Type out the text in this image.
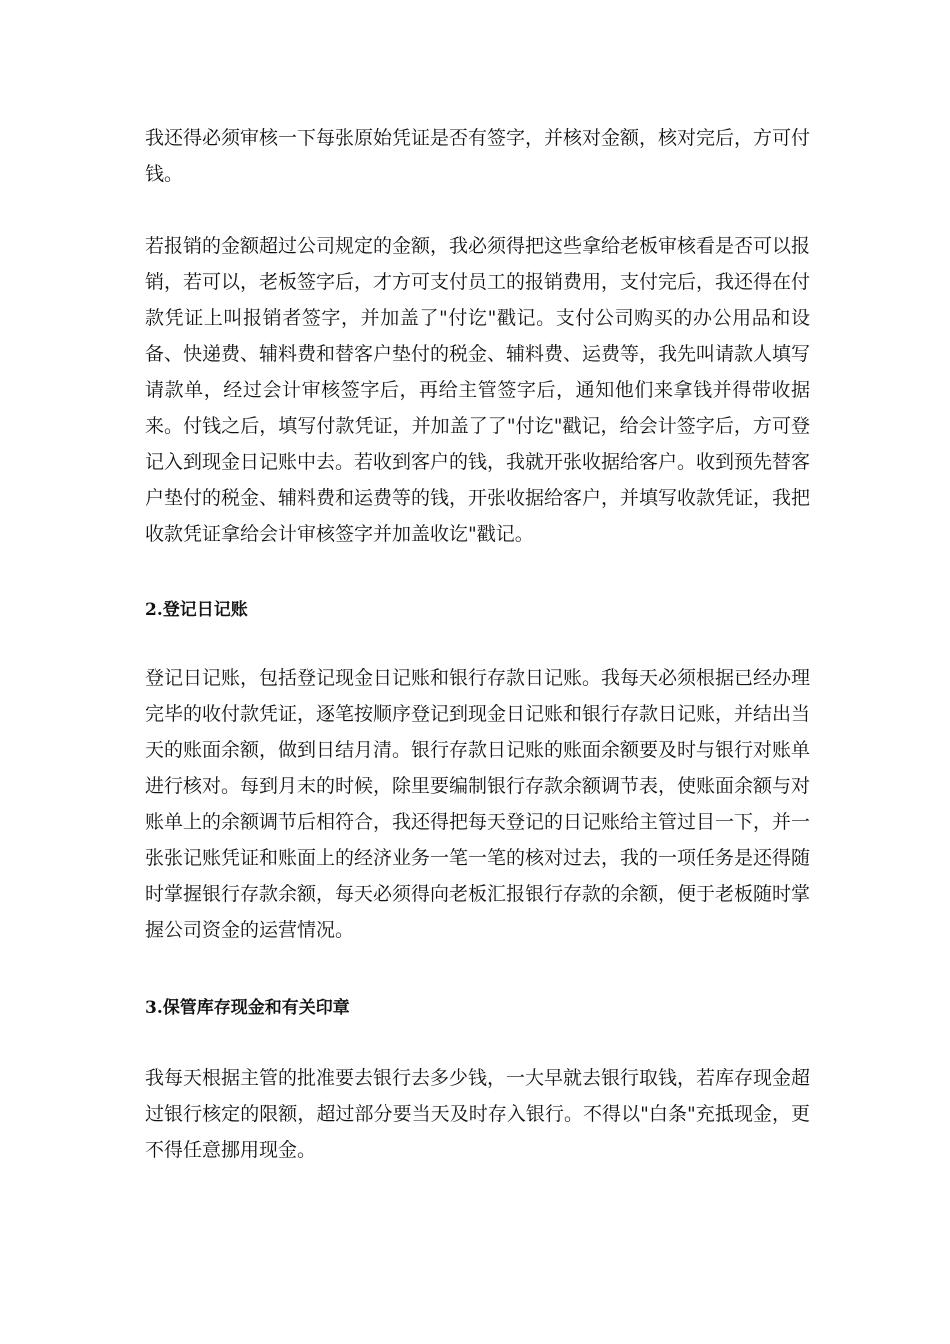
我还得必须审核一下每张原始凭证是否有签字，并核对金额，核对完后，方可付钱。

若报销的金额超过公司规定的金额，我必须得把这些拿给老板审核看是否可以报销，若可以，老板签字后，才方可支付员工的报销费用，支付完后，我还得在付款凭证上叫报销者签字，并加盖了"付讫"戳记。支付公司购买的办公用品和设备、快递费、辅料费和替客户垫付的税金、辅料费、运费等，我先叫请款人填写请款单，经过会计审核签字后，再给主管签字后，通知他们来拿钱并得带收据来。付钱之后，填写付款凭证，并加盖了了"付讫"戳记，给会计签字后，方可登记入到现金日记账中去。若收到客户的钱，我就开张收据给客户。收到预先替客户垫付的税金、辅料费和运费等的钱，开张收据给客户，并填写收款凭证，我把收款凭证拿给会计审核签字并加盖收讫"戳记。

2.登记日记账

登记日记账，包括登记现金日记账和银行存款日记账。我每天必须根据已经办理完毕的收付款凭证，逐笔按顺序登记到现金日记账和银行存款日记账，并结出当天的账面余额，做到日结月清。银行存款日记账的账面余额要及时与银行对账单进行核对。每到月末的时候，除里要编制银行存款余额调节表，使账面余额与对账单上的余额调节后相符合，我还得把每天登记的日记账给主管过目一下，并一张张记账凭证和账面上的经济业务一笔一笔的核对过去，我的一项任务是还得随时掌握银行存款余额，每天必须得向老板汇报银行存款的余额，便于老板随时掌握公司资金的运营情况。

3.保管库存现金和有关印章

我每天根据主管的批准要去银行去多少钱，一大早就去银行取钱，若库存现金超过银行核定的限额，超过部分要当天及时存入银行。不得以"白条"充抵现金，更不得任意挪用现金。
